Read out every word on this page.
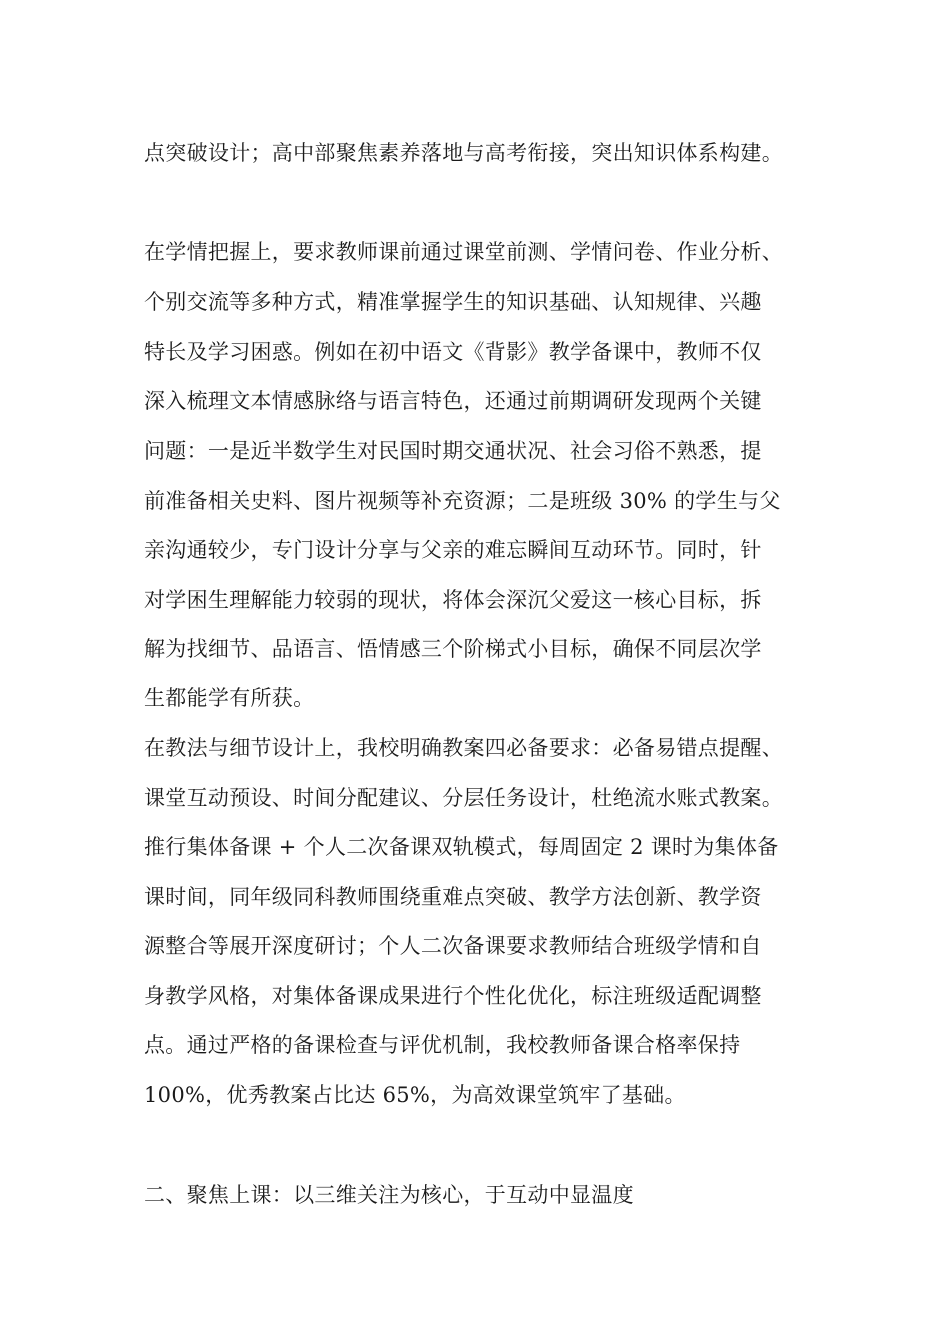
点突破设计；高中部聚焦素养落地与高考衔接，突出知识体系构建。
在学情把握上，要求教师课前通过课堂前测、学情问卷、作业分析、
个别交流等多种方式，精准掌握学生的知识基础、认知规律、兴趣
特长及学习困惑。例如在初中语文《背影》教学备课中，教师不仅
深入梳理文本情感脉络与语言特色，还通过前期调研发现两个关键
问题：一是近半数学生对民国时期交通状况、社会习俗不熟悉，提
前准备相关史料、图片视频等补充资源；二是班级 30% 的学生与父
亲沟通较少，专门设计分享与父亲的难忘瞬间互动环节。同时，针
对学困生理解能力较弱的现状，将体会深沉父爱这一核心目标，拆
解为找细节、品语言、悟情感三个阶梯式小目标，确保不同层次学
生都能学有所获。
在教法与细节设计上，我校明确教案四必备要求：必备易错点提醒、
课堂互动预设、时间分配建议、分层任务设计，杜绝流水账式教案。
推行集体备课 + 个人二次备课双轨模式，每周固定 2 课时为集体备
课时间，同年级同科教师围绕重难点突破、教学方法创新、教学资
源整合等展开深度研讨；个人二次备课要求教师结合班级学情和自
身教学风格，对集体备课成果进行个性化优化，标注班级适配调整
点。通过严格的备课检查与评优机制，我校教师备课合格率保持
100%，优秀教案占比达 65%，为高效课堂筑牢了基础。
二、聚焦上课：以三维关注为核心，于互动中显温度
